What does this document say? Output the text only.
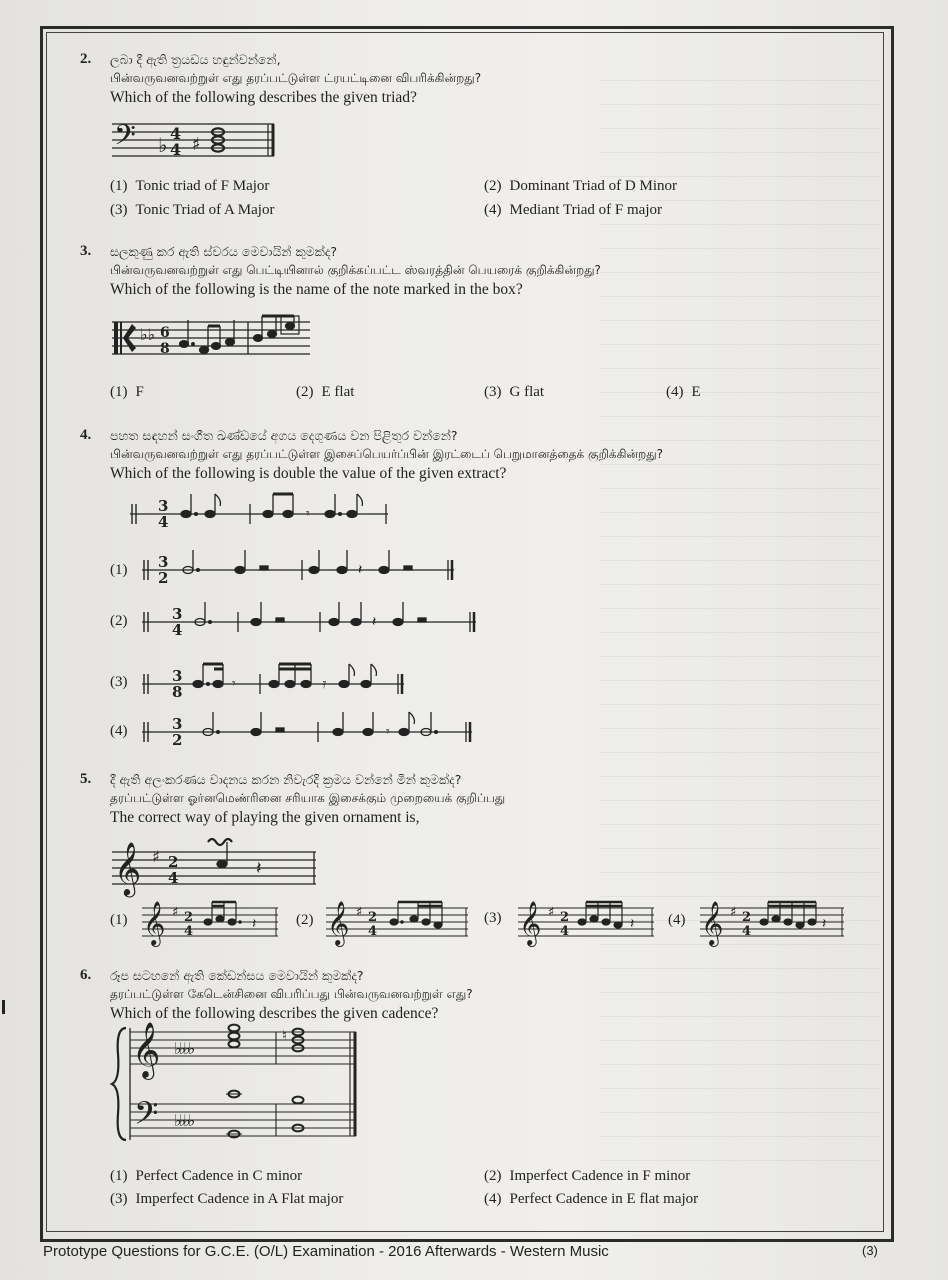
2. ලබා දී ඇති ත්‍රයඩය හඳුන්වන්නේ,
பின்வருவனவற்றுள் எது தரப்பட்டுள்ள ட்ரயட்டினை விபரிக்கின்றது?
Which of the following describes the given triad?
𝄢 ♭ 4
4 ♯
(1) Tonic triad of F Major	(2) Dominant Triad of D Minor
(3) Tonic Triad of A Major	(4) Mediant Triad of F major
3. සලකුණු කර ඇති ස්වරය මෙවායින් කුමක්ද?
பின்வருவனவற்றுள் எது பெட்டியினால் குறிக்கப்பட்ட ஸ்வரத்தின் பெயரைக் குறிக்கின்றது?
Which of the following is the name of the note marked in the box?
♭♭ 6
8
(1) F	(2) E flat	(3) G flat	(4) E
4. පහත සඳහන් සංගීත ඛණ්ඩයේ අගය දෙගුණය වන පිළිතුර වන්නේ?
பின்வருவனவற்றுள் எது தரப்பட்டுள்ள இசைப்பெயர்ப்பின் இரட்டைப் பெறுமானத்தைக் குறிக்கின்றது?
Which of the following is double the value of the given extract?
3
4	𝄾
(1) 3
2	𝄽
(2)	3
4	𝄽
(3)	3
8	𝄾	𝄿
(4)	3
2	𝄾
5. දී ඇති අලංකරණය වාදනය කරන නිවැරදි ක්‍රමය වන්නේ මින් කුමක්ද?
தரப்பட்டுள்ள ஓர்னமெண்ரினை சரியாக இசைக்கும் முறையைக் குறிப்பது
The correct way of playing the given ornament is,
𝄞 ♯ 2
4	𝄽
(1) 𝄞 ♯ 2
4	𝄽	(2) 𝄞 ♯ 2
4
(3) 𝄞 ♯ 2
4	𝄽 (4) 𝄞 ♯ 2
4	𝄽
6. රූප සටහනේ ඇති කේඩන්සය මෙවායින් කුමක්ද?
தரப்பட்டுள்ள கேடென்சினை விபரிப்பது பின்வருவனவற்றுள் எது?
Which of the following describes the given cadence?
𝄞
𝄢
♭♭♭♭
♭♭♭♭
♮
(1) Perfect Cadence in C minor	(2) Imperfect Cadence in F minor
(3) Imperfect Cadence in A Flat major	(4) Perfect Cadence in E flat major
Prototype Questions for G.C.E. (O/L) Examination - 2016 Afterwards - Western Music	(3)
